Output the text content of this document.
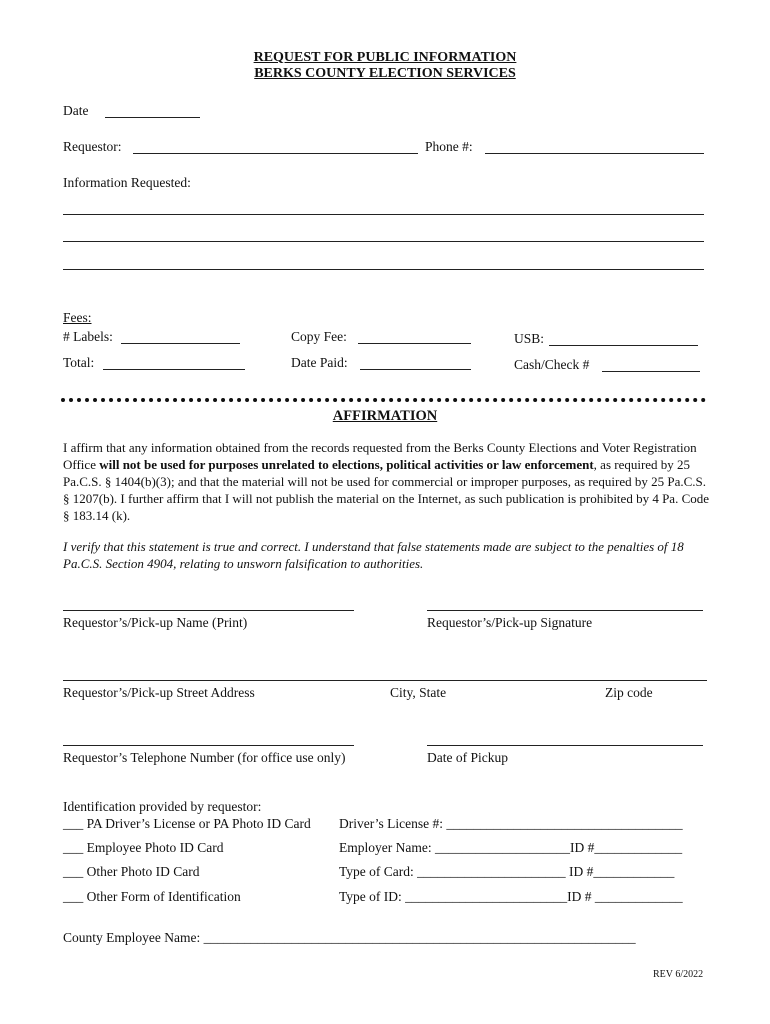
REQUEST FOR PUBLIC INFORMATION
BERKS COUNTY ELECTION SERVICES
Date
Requestor:	Phone #:
Information Requested:
Fees:
# Labels:	Copy Fee:	USB:
Total:	Date Paid:	Cash/Check #
AFFIRMATION
I affirm that any information obtained from the records requested from the Berks County Elections and Voter Registration Office will not be used for purposes unrelated to elections, political activities or law enforcement, as required by 25 Pa.C.S. § 1404(b)(3); and that the material will not be used for commercial or improper purposes, as required by 25 Pa.C.S. § 1207(b). I further affirm that I will not publish the material on the Internet, as such publication is prohibited by 4 Pa. Code § 183.14 (k).
I verify that this statement is true and correct. I understand that false statements made are subject to the penalties of 18 Pa.C.S. Section 4904, relating to unsworn falsification to authorities.
Requestor’s/Pick-up Name (Print)	Requestor’s/Pick-up Signature
Requestor’s/Pick-up Street Address	City, State	Zip code
Requestor’s Telephone Number (for office use only)	Date of Pickup
Identification provided by requestor:
___ PA Driver’s License or PA Photo ID Card Driver’s License #: ___________________________________
___ Employee Photo ID Card	Employer Name: ____________________ID #_____________
___ Other Photo ID Card	Type of Card: ______________________ ID #____________
___ Other Form of Identification	Type of ID: ________________________ID # _____________
County Employee Name: ________________________________________________________________
REV 6/2022
